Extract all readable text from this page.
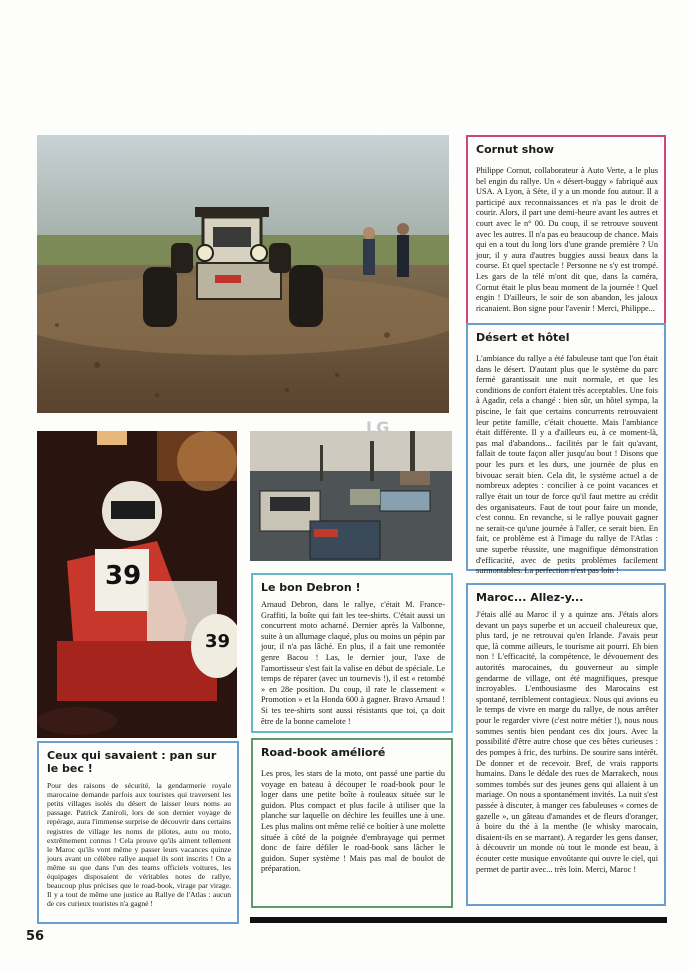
39
39
LG
Cornut show

Philippe Cornut, collaborateur à Auto Verte, a le plus bel engin du rallye. Un « désert-buggy » fabriqué aux USA. A Lyon, à Sète, il y a un monde fou autour. Il a participé aux reconnaissances et n'a pas le droit de courir. Alors, il part une demi-heure avant les autres et court avec le n° 00. Du coup, il se retrouve souvent avec les autres. Il n'a pas eu beaucoup de chance. Mais qui en a tout du long lors d'une grande première ? Un jour, il y aura d'autres buggies aussi beaux dans la course. Et quel spectacle ! Personne ne s'y est trompé. Les gars de la télé m'ont dit que, dans la caméra, Cornut était le plus beau moment de la journée ! Quel engin ! D'ailleurs, le soir de son abandon, les jaloux ricanaient. Bon signe pour l'avenir ! Merci, Philippe...

Désert et hôtel

L'ambiance du rallye a été fabuleuse tant que l'on était dans le désert. D'autant plus que le système du parc fermé garantissait une nuit normale, et que les conditions de confort étaient très acceptables. Une fois à Agadir, cela a changé : bien sûr, un hôtel sympa, la piscine, le fait que certains concurrents retrouvaient leur petite famille, c'était chouette. Mais l'ambiance était différente. Il y a d'ailleurs eu, à ce moment-là, pas mal d'abandons... facilités par le fait qu'avant, fallait de toute façon aller jusqu'au bout ! Disons que pour les purs et les durs, une journée de plus en bivouac serait bien. Cela dit, le système actuel a de nombreux adeptes : concilier à ce point vacances et rallye était un tour de force qu'il faut mettre au crédit des organisateurs. Faut de tout pour faire un monde, c'est connu. En revanche, si le rallye pouvait gagner ne serait-ce qu'une journée à l'aller, ce serait bien. En fait, ce problème est à l'image du rallye de l'Atlas : une superbe réussite, une magnifique démonstration d'efficacité, avec de petits problèmes facilement surmontables. La perfection n'est pas loin !

Le bon Debron !

Arnaud Debron, dans le rallye, c'était M. France-Graffiti, la boîte qui fait les tee-shirts. C'était aussi un concurrent moto acharné. Dernier après la Valbonne, suite à un allumage claqué, plus ou moins un pépin par jour, il n'a pas lâché. En plus, il a fait une remontée genre Bacou ! Las, le dernier jour, l'axe de l'amortisseur s'est fait la valise en début de spéciale. Le temps de réparer (avec un tournevis !), il est « retombé » en 28e position. Du coup, il rate le classement « Promotion » et la Honda 600 à gagner. Bravo Arnaud ! Si tes tee-shirts sont aussi résistants que toi, ça doit être de la bonne camelote !

Maroc... Allez-y...

J'étais allé au Maroc il y a quinze ans. J'étais alors devant un pays superbe et un accueil chaleureux que, plus tard, je ne retrouvai qu'en Irlande. J'avais peur que, là comme ailleurs, le tourisme ait pourri. Eh bien non ! L'efficacité, la compétence, le dévouement des autorités marocaines, du gouverneur au simple gendarme de village, ont été magnifiques, presque incroyables. L'enthousiasme des Marocains est spontané, terriblement contagieux. Nous qui avions eu le temps de vivre en marge du rallye, de nous arrêter pour le regarder vivre (c'est notre métier !), nous nous sommes sentis bien pendant ces dix jours. Avec la possibilité d'être autre chose que ces bêtes curieuses : des pompes à fric, des turbins. De sourire sans intérêt. De donner et de recevoir. Bref, de vrais rapports humains. Dans le dédale des rues de Marrakech, nous sommes tombés sur des jeunes gens qui allaient à un mariage. On nous a spontanément invités. La nuit s'est passée à discuter, à manger ces fabuleuses « cornes de gazelle », un gâteau d'amandes et de fleurs d'oranger, à boire du thé à la menthe (le whisky marocain, disaient-ils en se marrant). A regarder les gens danser, à découvrir un monde où tout le monde est beau, à écouter cette musique envoûtante qui ouvre le ciel, qui permet de partir avec... très loin. Merci, Maroc !

Ceux qui savaient : pan sur le bec !

Pour des raisons de sécurité, la gendarmerie royale marocaine demande parfois aux touristes qui traversent les petits villages isolés du désert de laisser leurs noms au passage. Patrick Zaniroli, lors de son dernier voyage de repérage, aura l'immense surprise de découvrir dans certains registres de village les noms de pilotes, auto ou moto, extrêmement connus ! Cela prouve qu'ils aiment tellement le Maroc qu'ils vont même y passer leurs vacances quinze jours avant un célèbre rallye auquel ils sont inscrits ! On a même su que dans l'un des teams officiels voitures, les équipages disposaient de véritables notes de rallye, beaucoup plus précises que le road-book, virage par virage. Il y a tout de même une justice au Rallye de l'Atlas : aucun de ces curieux touristes n'a gagné !

Road-book amélioré

Les pros, les stars de la moto, ont passé une partie du voyage en bateau à découper le road-book pour le loger dans une petite boîte à rouleaux située sur le guidon. Plus compact et plus facile à utiliser que la planche sur laquelle on déchire les feuilles une à une. Les plus malins ont même relié ce boîtier à une molette située à côté de la poignée d'embrayage qui permet donc de faire défiler le road-book sans lâcher le guidon. Super système ! Mais pas mal de boulot de préparation.

56
